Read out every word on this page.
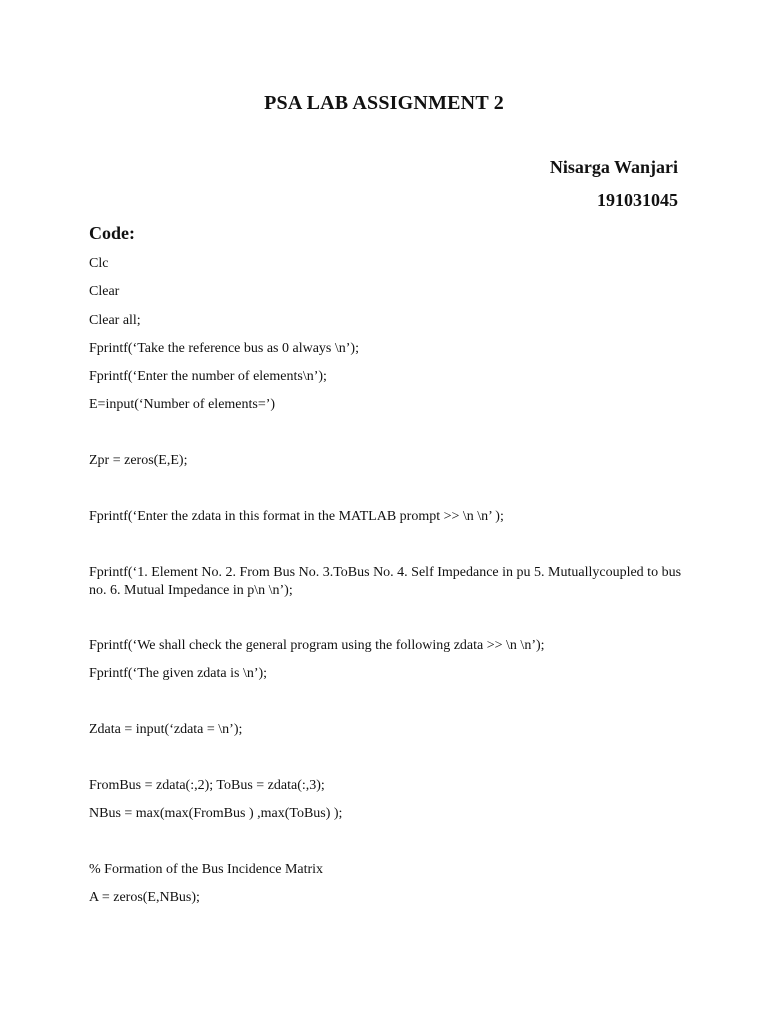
PSA LAB ASSIGNMENT 2
Nisarga Wanjari
191031045
Code:
Clc
Clear
Clear all;
Fprintf(‘Take the reference bus as 0 always \n’);
Fprintf(‘Enter the number of elements\n’);
E=input(‘Number of elements=’)
Zpr = zeros(E,E);
Fprintf(‘Enter the zdata in this format in the MATLAB prompt >> \n \n’ );
Fprintf(‘1. Element No. 2. From Bus No. 3.ToBus No. 4. Self Impedance in pu 5. Mutuallycoupled to bus no. 6. Mutual Impedance in p\n \n’);
Fprintf(‘We shall check the general program using the following zdata >> \n \n’);
Fprintf(‘The given zdata is \n’);
Zdata = input(‘zdata = \n’);
FromBus = zdata(:,2); ToBus = zdata(:,3);
NBus = max(max(FromBus ) ,max(ToBus) );
% Formation of the Bus Incidence Matrix
A = zeros(E,NBus);
